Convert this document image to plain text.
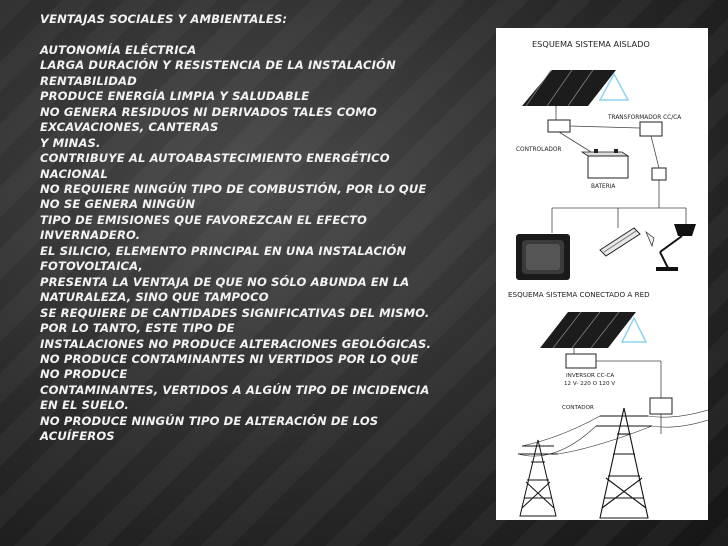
VENTAJAS SOCIALES Y AMBIENTALES:

AUTONOMÍA ELÉCTRICA
LARGA DURACIÓN Y RESISTENCIA DE LA INSTALACIÓN
RENTABILIDAD
PRODUCE ENERGÍA LIMPIA Y SALUDABLE
NO GENERA RESIDUOS NI DERIVADOS TALES COMO
EXCAVACIONES, CANTERAS
Y MINAS.
CONTRIBUYE AL AUTOABASTECIMIENTO ENERGÉTICO
NACIONAL
NO REQUIERE NINGÚN TIPO DE COMBUSTIÓN, POR LO QUE
NO SE GENERA NINGÚN
TIPO DE EMISIONES QUE FAVOREZCAN EL EFECTO
INVERNADERO.
EL SILICIO, ELEMENTO PRINCIPAL EN UNA INSTALACIÓN
FOTOVOLTAICA,
PRESENTA LA VENTAJA DE QUE NO SÓLO ABUNDA EN LA
NATURALEZA, SINO QUE TAMPOCO
SE REQUIERE DE CANTIDADES SIGNIFICATIVAS DEL MISMO.
POR LO TANTO, ESTE TIPO DE
INSTALACIONES NO PRODUCE ALTERACIONES GEOLÓGICAS.
NO PRODUCE CONTAMINANTES NI VERTIDOS POR LO QUE
NO PRODUCE
CONTAMINANTES, VERTIDOS A ALGÚN TIPO DE INCIDENCIA
EN EL SUELO.
NO PRODUCE NINGÚN TIPO DE ALTERACIÓN DE LOS
ACUÍFEROS
ESQUEMA SISTEMA AISLADO
CONTROLADOR
TRANSFORMADOR CC/CA
BATERIA
ESQUEMA SISTEMA CONECTADO A RED
INVERSOR CC-CA
12 V- 220 O 120 V
CONTADOR
